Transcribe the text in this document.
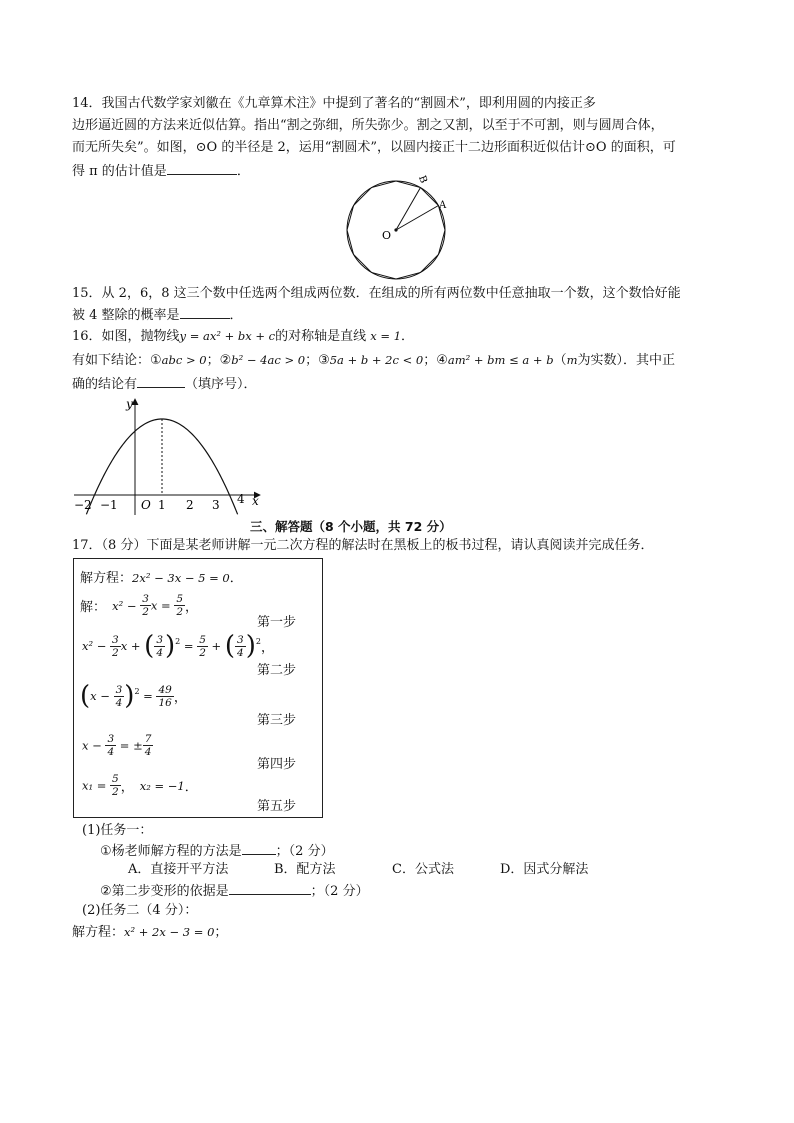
14．我国古代数学家刘徽在《九章算术注》中提到了著名的“割圆术”，即利用圆的内接正多
边形逼近圆的方法来近似估算。指出“割之弥细，所失弥少。割之又割，以至于不可割，则与圆周合体，
而无所失矣”。如图，⊙O 的半径是 2，运用“割圆术”，以圆内接正十二边形面积近似估计⊙O 的面积，可
得 π 的估计值是	．
O
A
B
15．从 2，6，8 这三个数中任选两个组成两位数．在组成的所有两位数中任意抽取一个数，这个数恰好能
被 4 整除的概率是	．
16．如图，抛物线y = ax² + bx + c的对称轴是直线 x = 1．
有如下结论：①abc > 0；②b² − 4ac > 0；③5a + b + 2c < 0；④am² + bm ≤ a + b（m为实数）．其中正
确的结论有	（填序号）．
y
x
O
−2 −1	1 2 3 4
三、解答题（8 个小题，共 72 分）
17．（8 分）下面是某老师讲解一元二次方程的解法时在黑板上的板书过程，请认真阅读并完成任务．
解方程：2x² − 3x − 5 = 0．
解： $x^2 - \frac{3}{2}$ $x = \frac{5}{2}$ ，
第一步
$x^2 - \frac{3}{2}$ x + ( $\frac{3}{4} )^2 = \frac{5}{2}$ + ( $\frac{3}{4} )^2$，
第二步
$(x - \frac{3}{4} )^2 = \frac{49}{16}$ ，
第三步
$x - \frac{3}{4}$ = ± $\frac{7}{4}$
第四步
$x_1 = \frac{5}{2}$ ， x₂ = −1．
第五步
(1)任务一：
①杨老师解方程的方法是	；（2 分）
A．直接开平方法	B．配方法	C．公式法	D．因式分解法
②第二步变形的依据是	；（2 分）
(2)任务二（4 分）：
解方程：x² + 2x − 3 = 0；
